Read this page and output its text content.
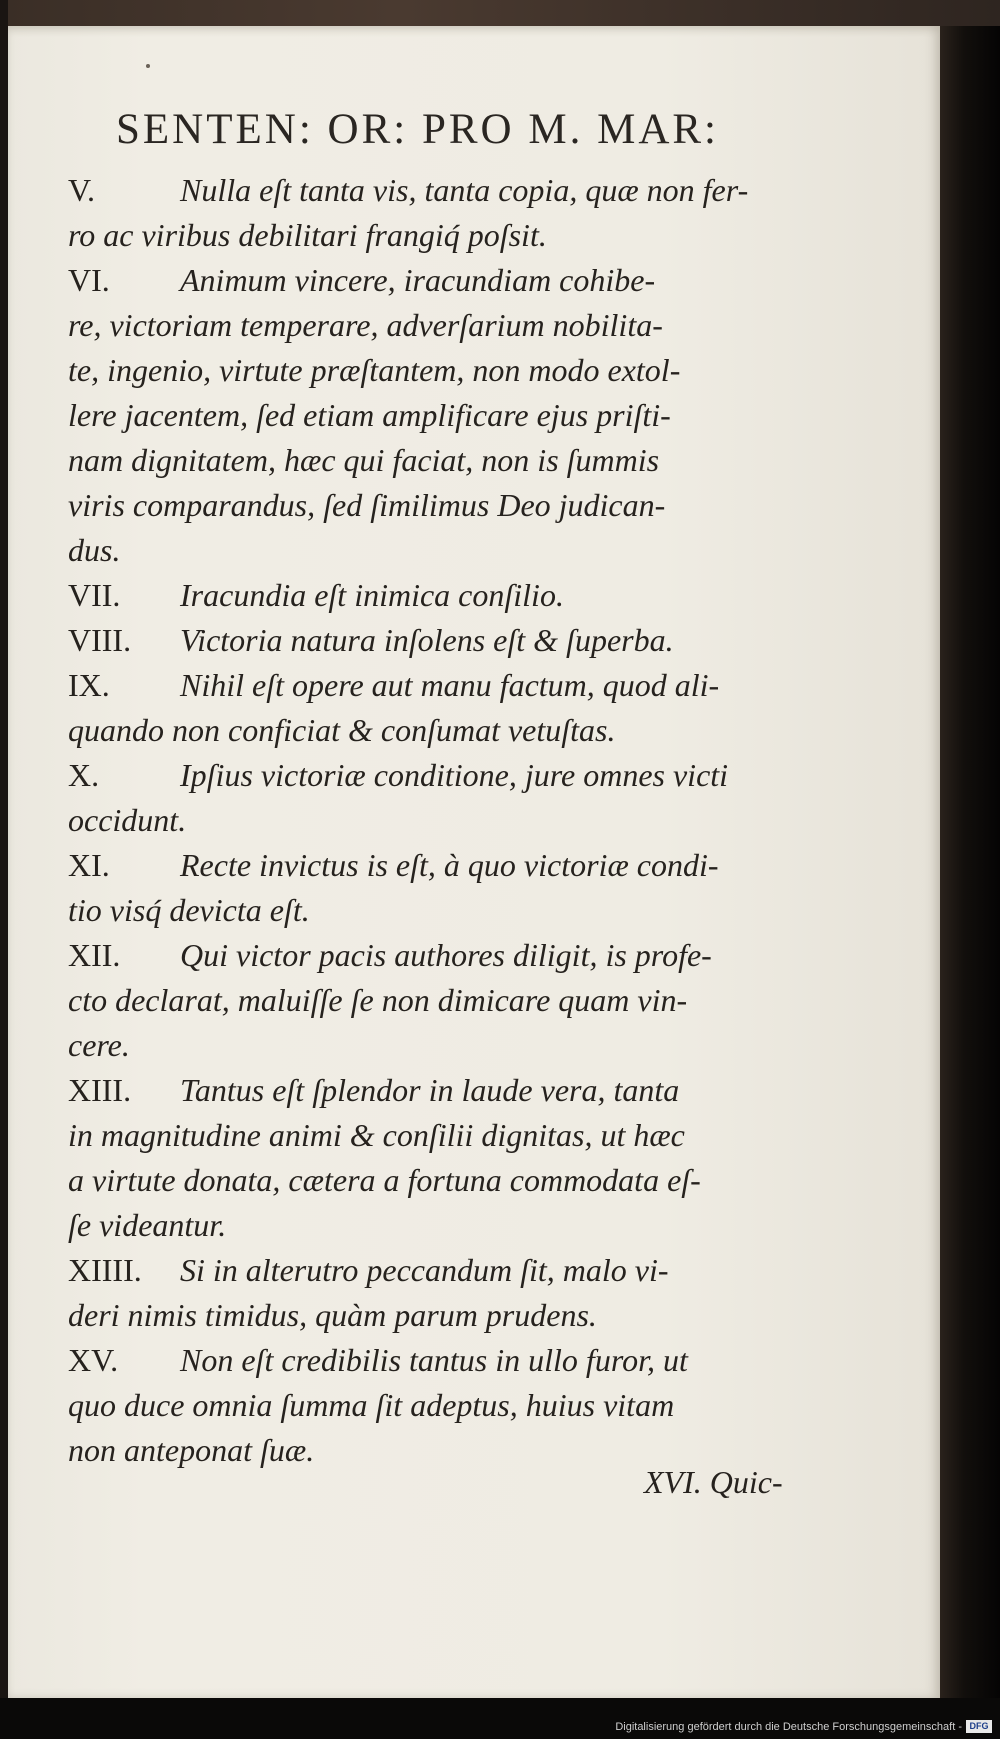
SENTEN: OR: PRO M. MAR:
V.	Nulla eſt tanta vis, tanta copia, quæ non fer-
ro ac viribus debilitari frangiq́ poſsit.
VI. Animum vincere, iracundiam cohibe-
re, victoriam temperare, adverſarium nobilita-
te, ingenio, virtute præſtantem, non modo extol-
lere jacentem, ſed etiam amplificare ejus priſti-
nam dignitatem, hæc qui faciat, non is ſummis
viris comparandus, ſed ſimilimus Deo judican-
dus.
VII. Iracundia eſt inimica conſilio.
VIII. Victoria natura inſolens eſt & ſuperba.
IX. Nihil eſt opere aut manu factum, quod ali-
quando non conficiat & conſumat vetuſtas.
X.	Ipſius victoriæ conditione, jure omnes victi
occidunt.
XI. Recte invictus is eſt, à quo victoriæ condi-
tio visq́ devicta eſt.
XII. Qui victor pacis authores diligit, is profe-
cto declarat, maluiſſe ſe non dimicare quam vin-
cere.
XIII. Tantus eſt ſplendor in laude vera, tanta
in magnitudine animi & conſilii dignitas, ut hæc
a virtute donata, cætera a fortuna commodata eſ-
ſe videantur.
XIIII. Si in alterutro peccandum ſit, malo vi-
deri nimis timidus, quàm parum prudens.
XV. Non eſt credibilis tantus in ullo furor, ut
quo duce omnia ſumma ſit adeptus, huius vitam
non anteponat ſuæ.
XVI. Quic-
Digitalisierung gefördert durch die Deutsche Forschungsgemeinschaft - DFG
